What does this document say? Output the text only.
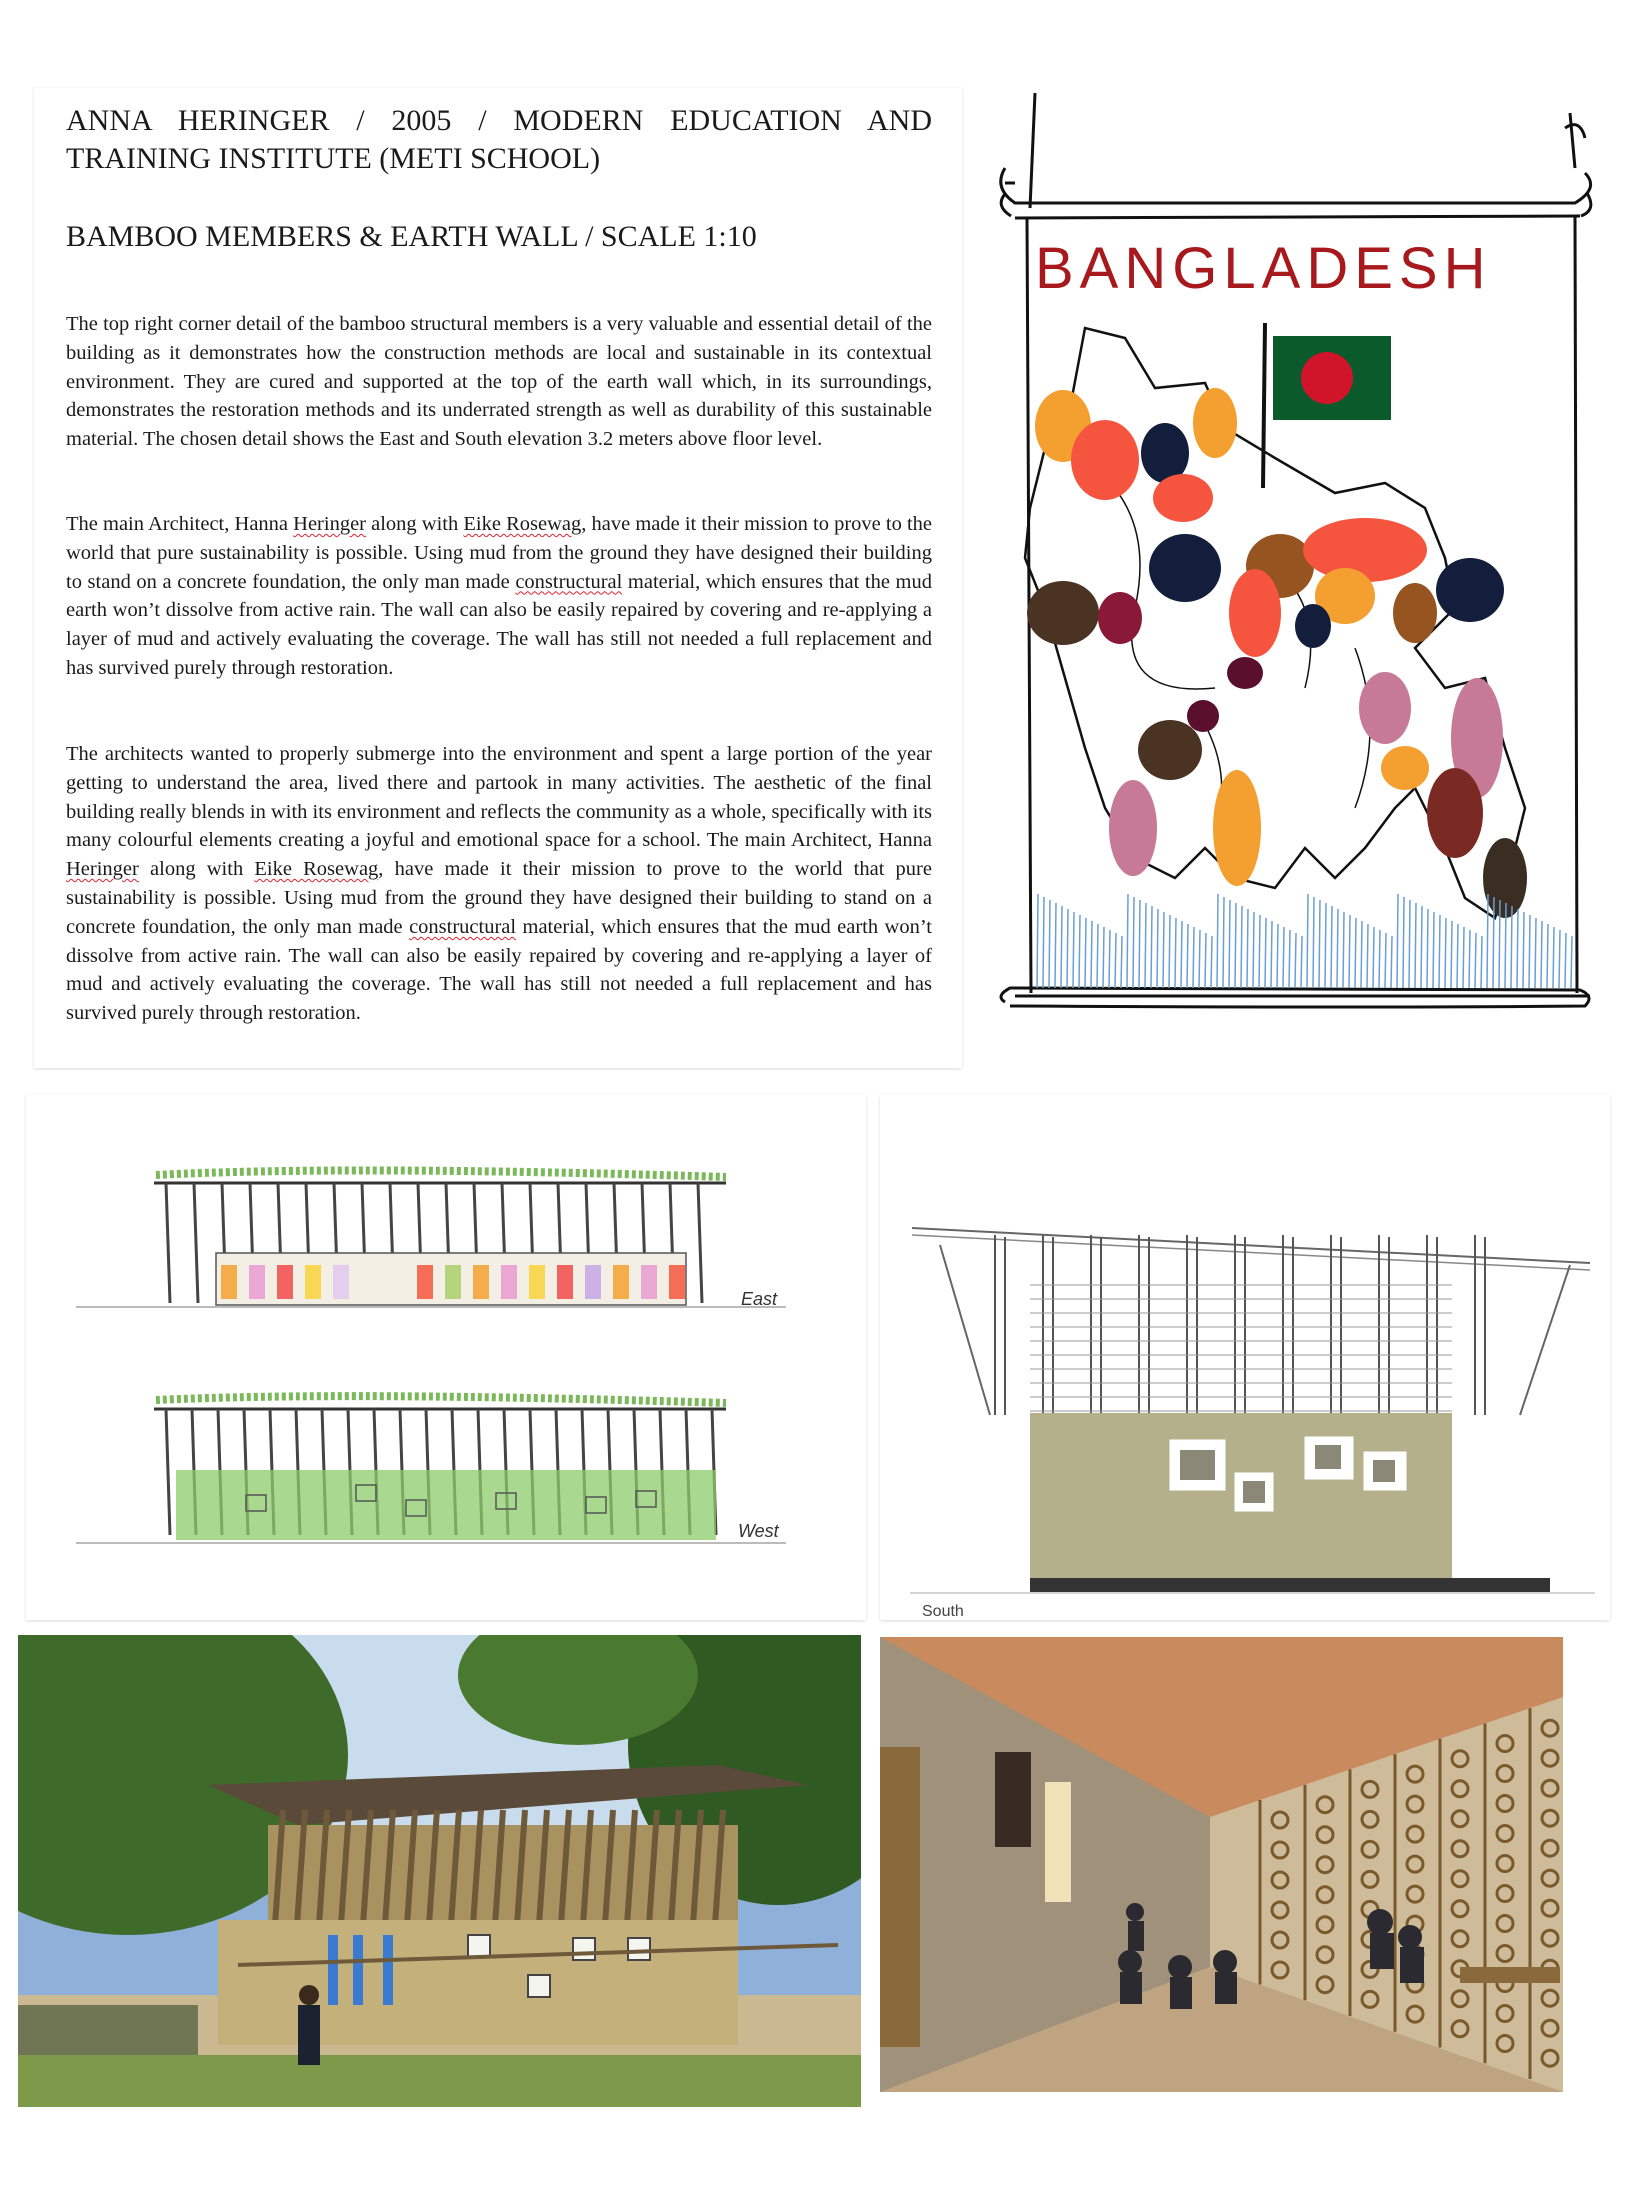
ANNA HERINGER / 2005 / MODERN EDUCATION AND
TRAINING INSTITUTE (METI SCHOOL)
BAMBOO MEMBERS & EARTH WALL / SCALE 1:10
The top right corner detail of the bamboo structural members is a very valuable and essential detail of the building as it demonstrates how the construction methods are local and sustainable in its contextual environment. They are cured and supported at the top of the earth wall which, in its surroundings, demonstrates the restoration methods and its underrated strength as well as durability of this sustainable material. The chosen detail shows the East and South elevation 3.2 meters above floor level.
The main Architect, Hanna Heringer along with Eike Rosewag, have made it their mission to prove to the world that pure sustainability is possible. Using mud from the ground they have designed their building to stand on a concrete foundation, the only man made constructural material, which ensures that the mud earth won’t dissolve from active rain. The wall can also be easily repaired by covering and re-applying a layer of mud and actively evaluating the coverage. The wall has still not needed a full replacement and has survived purely through restoration.
The architects wanted to properly submerge into the environment and spent a large portion of the year getting to understand the area, lived there and partook in many activities. The aesthetic of the final building really blends in with its environment and reflects the community as a whole, specifically with its many colourful elements creating a joyful and emotional space for a school. The main Architect, Hanna Heringer along with Eike Rosewag, have made it their mission to prove to the world that pure sustainability is possible. Using mud from the ground they have designed their building to stand on a concrete foundation, the only man made constructural material, which ensures that the mud earth won’t dissolve from active rain. The wall can also be easily repaired by covering and re-applying a layer of mud and actively evaluating the coverage. The wall has still not needed a full replacement and has survived purely through restoration.
BANGLADESH
East
West
South
